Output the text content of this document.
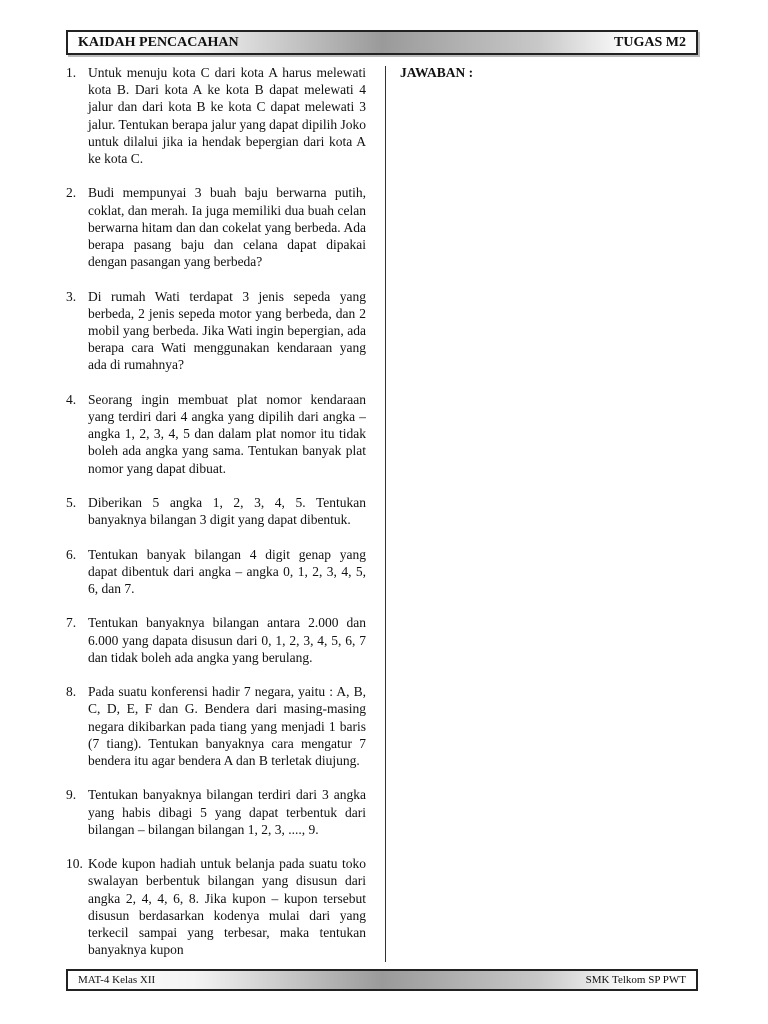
KAIDAH PENCACAHAN	TUGAS M2
1. Untuk menuju kota C dari kota A harus melewati kota B. Dari kota A ke kota B dapat melewati 4 jalur dan dari kota B ke kota C dapat melewati 3 jalur. Tentukan berapa jalur yang dapat dipilih Joko untuk dilalui jika ia hendak bepergian dari kota A ke kota C.
2. Budi mempunyai 3 buah baju berwarna putih, coklat, dan merah. Ia juga memiliki dua buah celan berwarna hitam dan dan cokelat yang berbeda. Ada berapa pasang baju dan celana dapat dipakai dengan pasangan yang berbeda?
3. Di rumah Wati terdapat 3 jenis sepeda yang berbeda, 2 jenis sepeda motor yang berbeda, dan 2 mobil yang berbeda. Jika Wati ingin bepergian, ada berapa cara Wati menggunakan kendaraan yang ada di rumahnya?
4. Seorang ingin membuat plat nomor kendaraan yang terdiri dari 4 angka yang dipilih dari angka – angka 1, 2, 3, 4, 5 dan dalam plat nomor itu tidak boleh ada angka yang sama. Tentukan banyak plat nomor yang dapat dibuat.
5. Diberikan 5 angka 1, 2, 3, 4, 5. Tentukan banyaknya bilangan 3 digit yang dapat dibentuk.
6. Tentukan banyak bilangan 4 digit genap yang dapat dibentuk dari angka – angka 0, 1, 2, 3, 4, 5, 6, dan 7.
7. Tentukan banyaknya bilangan antara 2.000 dan 6.000 yang dapata disusun dari 0, 1, 2, 3, 4, 5, 6, 7 dan tidak boleh ada angka yang berulang.
8. Pada suatu konferensi hadir 7 negara, yaitu : A, B, C, D, E, F dan G. Bendera dari masing-masing negara dikibarkan pada tiang yang menjadi 1 baris (7 tiang). Tentukan banyaknya cara mengatur 7 bendera itu agar bendera A dan B terletak diujung.
9. Tentukan banyaknya bilangan terdiri dari 3 angka yang habis dibagi 5 yang dapat terbentuk dari bilangan – bilangan bilangan 1, 2, 3, ...., 9.
10. Kode kupon hadiah untuk belanja pada suatu toko swalayan berbentuk bilangan yang disusun dari angka 2, 4, 4, 6, 8. Jika kupon – kupon tersebut disusun berdasarkan kodenya mulai dari yang terkecil sampai yang terbesar, maka tentukan banyaknya kupon
JAWABAN :
MAT-4 Kelas XII	SMK Telkom SP PWT
